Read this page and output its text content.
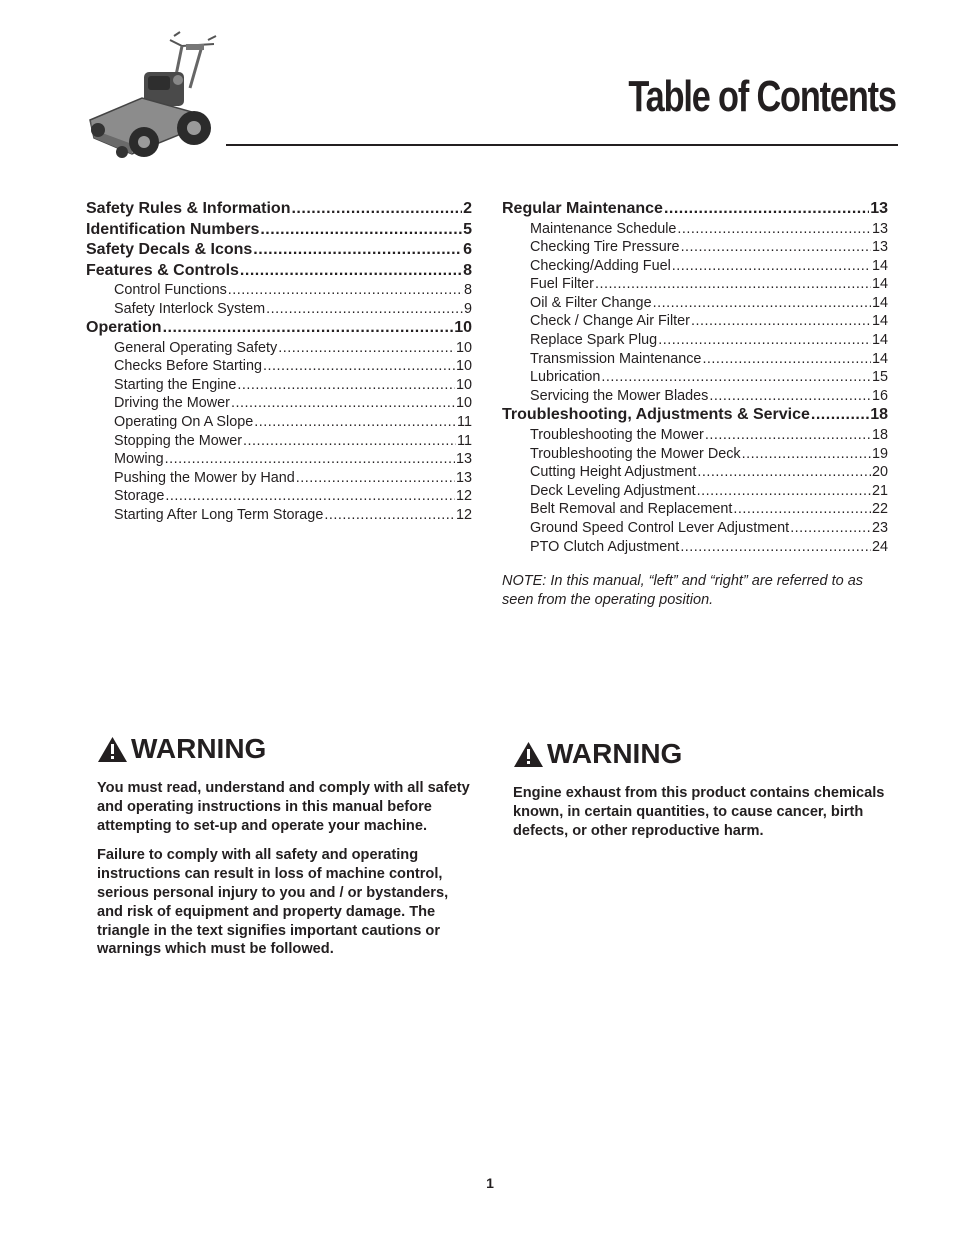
Table of Contents
Safety Rules & Information .....	2
Identification Numbers .....	5
Safety Decals & Icons .....	6
Features & Controls .....	8
Control Functions .....	8
Safety Interlock System .....	9
Operation .....	10
General Operating Safety .....	10
Checks Before Starting .....	10
Starting the Engine .....	10
Driving the Mower .....	10
Operating On A Slope .....	11
Stopping the Mower .....	11
Mowing .....	13
Pushing the Mower by Hand .....	13
Storage .....	12
Starting After Long Term Storage .....	12
Regular Maintenance .....	13
Maintenance Schedule .....	13
Checking Tire Pressure .....	13
Checking/Adding Fuel .....	14
Fuel Filter .....	14
Oil & Filter Change .....	14
Check / Change Air Filter .....	14
Replace Spark Plug .....	14
Transmission Maintenance .....	14
Lubrication .....	15
Servicing the Mower Blades .....	16
Troubleshooting, Adjustments & Service .....	18
Troubleshooting the Mower .....	18
Troubleshooting the Mower Deck .....	19
Cutting Height Adjustment .....	20
Deck Leveling Adjustment .....	21
Belt Removal and Replacement .....	22
Ground Speed Control Lever Adjustment .....	23
PTO Clutch Adjustment .....	24
NOTE: In this manual, “left” and “right” are referred to as seen from the operating position.
WARNING

You must read, understand and comply with all safety and operating instructions in this manual before attempting to set-up and operate your machine.

Failure to comply with all safety and operating instructions can result in loss of machine control, serious personal injury to you and / or bystanders, and risk of equipment and property damage. The triangle in the text signifies important cautions or warnings which must be followed.

WARNING

Engine exhaust from this product contains chemicals known, in certain quantities, to cause cancer, birth defects, or other reproductive harm.

1
